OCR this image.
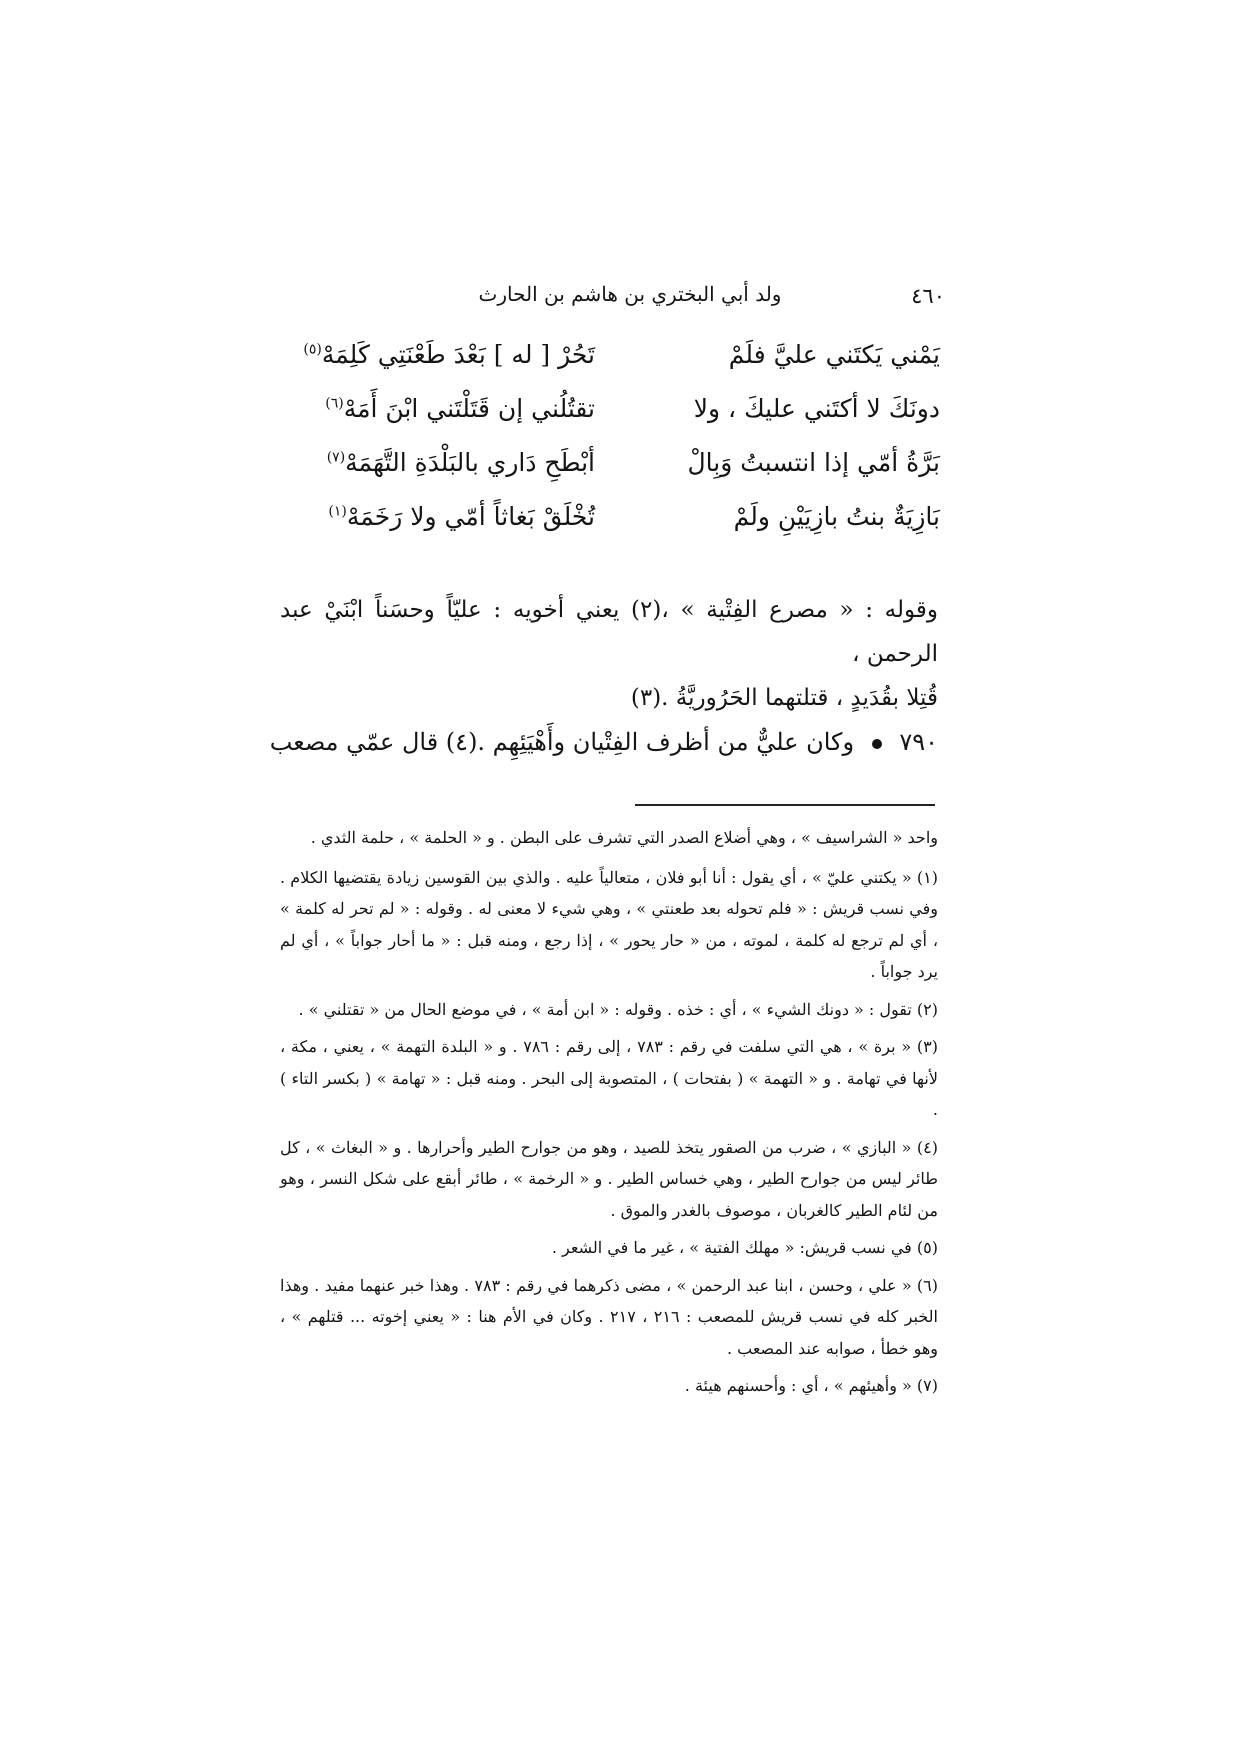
ولد أبي البختري بن هاشم بن الحارث	٤٦٠
يَمْني يَكتَني عليَّ فلَمْ
تَحُرْ [ له ] بَعْدَ طَعْنَتِي كَلِمَهْ$^{(٥)}$
دونَكَ لا أكتَني عليكَ ، ولا
تقتُلُني إن قَتَلْتَني ابْنَ أَمَهْ$^{(٦)}$
بَرَّةُ أمّي إذا انتسبتُ وَبِالْ
أبْطَحِ دَاري بالبَلْدَةِ التَّهَمَهْ$^{(٧)}$
بَازِيَةٌ بنتُ بازِيَيْنِ ولَمْ
تُخْلَقْ بَغاثاً أمّي ولا رَخَمَهْ$^{(١)}$
وقوله : « مصرع الفِتْية » ،(٢) يعني أخويه : عليّاً وحسَناً ابْنَيْ عبد الرحمن ،
قُتِلا بقُدَيدٍ ، قتلتهما الحَرُوريَّةُ .(٣)
٧٩٠  وكان عليٌّ من أظرف الفِتْيان وأَهْيَئِهِم .(٤) قال عمّي مصعب

واحد « الشراسيف » ، وهي أضلاع الصدر التي تشرف على البطن . و « الحلمة » ، حلمة الثدي .

(١) « يكتني عليّ » ، أي يقول : أنا أبو فلان ، متعالياً عليه . والذي بين القوسين زيادة يقتضيها الكلام . وفي نسب قريش : « فلم تحوله بعد طعنتي » ، وهي شيء لا معنى له . وقوله : « لم تحر له كلمة » ، أي لم ترجع له كلمة ، لموته ، من « حار يحور » ، إذا رجع ، ومنه قبل : « ما أحار جواباً » ، أي لم يرد جواباً .

(٢) تقول : « دونك الشيء » ، أي : خذه . وقوله : « ابن أمة » ، في موضع الحال من « تقتلني » .

(٣) « برة » ، هي التي سلفت في رقم : ٧٨٣ ، إلى رقم : ٧٨٦ . و « البلدة التهمة » ، يعني ، مكة ، لأنها في تهامة . و « التهمة » ( بفتحات ) ، المتصوبة إلى البحر . ومنه قبل : « تهامة » ( بكسر التاء ) .

(٤) « البازي » ، ضرب من الصقور يتخذ للصيد ، وهو من جوارح الطير وأحرارها . و « البغاث » ، كل طائر ليس من جوارح الطير ، وهي خساس الطير . و « الرخمة » ، طائر أبقع على شكل النسر ، وهو من لئام الطير كالغربان ، موصوف بالغدر والموق .

(٥) في نسب قريش: « مهلك الفتية » ، غير ما في الشعر .

(٦) « علي ، وحسن ، ابنا عبد الرحمن » ، مضى ذكرهما في رقم : ٧٨٣ . وهذا خبر عنهما مفيد . وهذا الخبر كله في نسب قريش للمصعب : ٢١٦ ، ٢١٧ . وكان في الأم هنا : « يعني إخوته ... قتلهم » ، وهو خطأ ، صوابه عند المصعب .

(٧) « وأهيئهم » ، أي : وأحسنهم هيئة .
